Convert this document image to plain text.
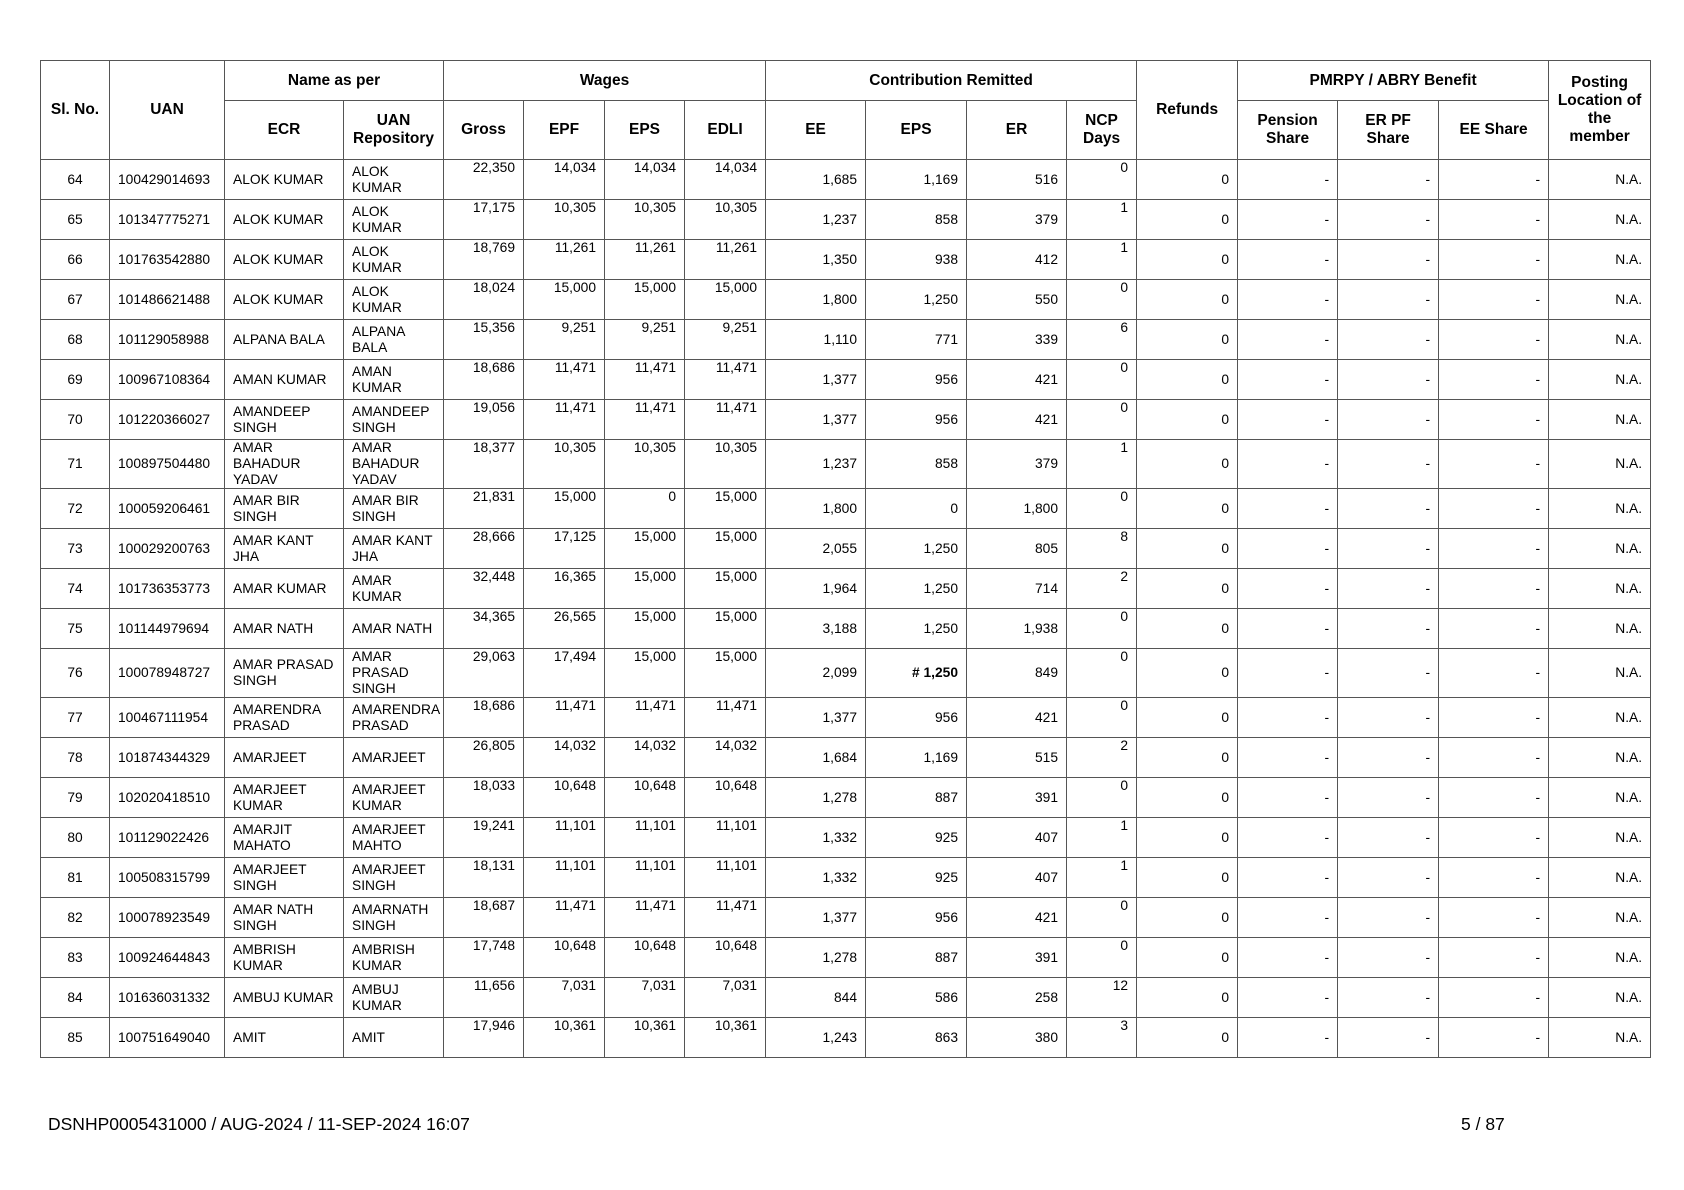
Sl. No.	UAN	Name as per		Wages				Contribution Remitted				Refunds	PMRPY / ABRY Benefit			Posting Location of the member
		ECR	UAN Repository	Gross	EPF	EPS	EDLI	EE	EPS	ER	NCP Days		Pension Share	ER PF Share	EE Share	
64	100429014693	ALOK KUMAR	ALOK KUMAR	22,350	14,034	14,034	14,034	1,685	1,169	516	0	0	-	-	-	N.A.
65	101347775271	ALOK KUMAR	ALOK KUMAR	17,175	10,305	10,305	10,305	1,237	858	379	1	0	-	-	-	N.A.
66	101763542880	ALOK KUMAR	ALOK KUMAR	18,769	11,261	11,261	11,261	1,350	938	412	1	0	-	-	-	N.A.
67	101486621488	ALOK KUMAR	ALOK KUMAR	18,024	15,000	15,000	15,000	1,800	1,250	550	0	0	-	-	-	N.A.
68	101129058988	ALPANA BALA	ALPANA BALA	15,356	9,251	9,251	9,251	1,110	771	339	6	0	-	-	-	N.A.
69	100967108364	AMAN KUMAR	AMAN KUMAR	18,686	11,471	11,471	11,471	1,377	956	421	0	0	-	-	-	N.A.
70	101220366027	AMANDEEP SINGH	AMANDEEP SINGH	19,056	11,471	11,471	11,471	1,377	956	421	0	0	-	-	-	N.A.
71	100897504480	AMAR BAHADUR YADAV	AMAR BAHADUR YADAV	18,377	10,305	10,305	10,305	1,237	858	379	1	0	-	-	-	N.A.
72	100059206461	AMAR BIR SINGH	AMAR BIR SINGH	21,831	15,000	0	15,000	1,800	0	1,800	0	0	-	-	-	N.A.
73	100029200763	AMAR KANT JHA	AMAR KANT JHA	28,666	17,125	15,000	15,000	2,055	1,250	805	8	0	-	-	-	N.A.
74	101736353773	AMAR KUMAR	AMAR KUMAR	32,448	16,365	15,000	15,000	1,964	1,250	714	2	0	-	-	-	N.A.
75	101144979694	AMAR NATH	AMAR NATH	34,365	26,565	15,000	15,000	3,188	1,250	1,938	0	0	-	-	-	N.A.
76	100078948727	AMAR PRASAD SINGH	AMAR PRASAD SINGH	29,063	17,494	15,000	15,000	2,099	# 1,250	849	0	0	-	-	-	N.A.
77	100467111954	AMARENDRA PRASAD	AMARENDRA PRASAD	18,686	11,471	11,471	11,471	1,377	956	421	0	0	-	-	-	N.A.
78	101874344329	AMARJEET	AMARJEET	26,805	14,032	14,032	14,032	1,684	1,169	515	2	0	-	-	-	N.A.
79	102020418510	AMARJEET KUMAR	AMARJEET KUMAR	18,033	10,648	10,648	10,648	1,278	887	391	0	0	-	-	-	N.A.
80	101129022426	AMARJIT MAHATO	AMARJEET MAHTO	19,241	11,101	11,101	11,101	1,332	925	407	1	0	-	-	-	N.A.
81	100508315799	AMARJEET SINGH	AMARJEET SINGH	18,131	11,101	11,101	11,101	1,332	925	407	1	0	-	-	-	N.A.
82	100078923549	AMAR NATH SINGH	AMARNATH SINGH	18,687	11,471	11,471	11,471	1,377	956	421	0	0	-	-	-	N.A.
83	100924644843	AMBRISH KUMAR	AMBRISH KUMAR	17,748	10,648	10,648	10,648	1,278	887	391	0	0	-	-	-	N.A.
84	101636031332	AMBUJ KUMAR	AMBUJ KUMAR	11,656	7,031	7,031	7,031	844	586	258	12	0	-	-	-	N.A.
85	100751649040	AMIT	AMIT	17,946	10,361	10,361	10,361	1,243	863	380	3	0	-	-	-	N.A.
DSNHP0005431000 / AUG-2024 / 11-SEP-2024 16:07	5 / 87
